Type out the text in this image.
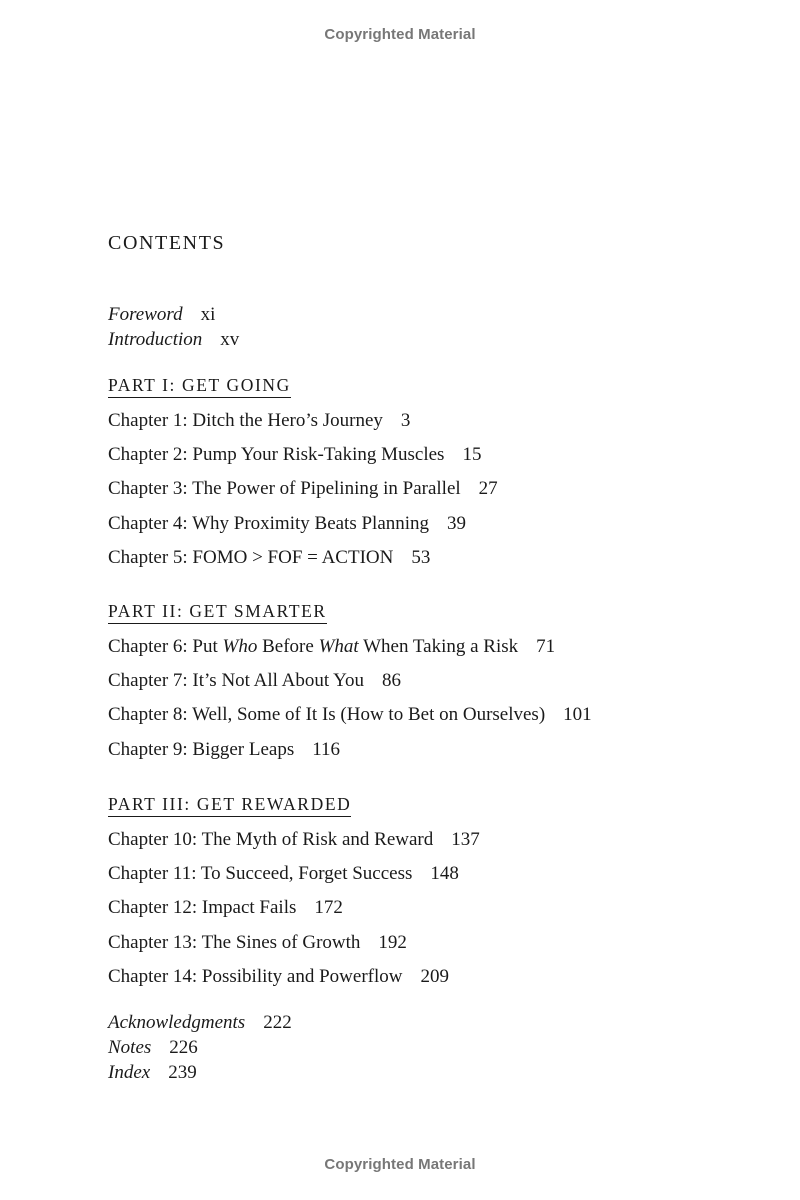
Copyrighted Material
CONTENTS
Foreword xi
Introduction xv
PART I: GET GOING
Chapter 1: Ditch the Hero’s Journey 3
Chapter 2: Pump Your Risk-Taking Muscles 15
Chapter 3: The Power of Pipelining in Parallel 27
Chapter 4: Why Proximity Beats Planning 39
Chapter 5: FOMO > FOF = ACTION 53
PART II: GET SMARTER
Chapter 6: Put Who Before What When Taking a Risk 71
Chapter 7: It’s Not All About You 86
Chapter 8: Well, Some of It Is (How to Bet on Ourselves) 101
Chapter 9: Bigger Leaps 116
PART III: GET REWARDED
Chapter 10: The Myth of Risk and Reward 137
Chapter 11: To Succeed, Forget Success 148
Chapter 12: Impact Fails 172
Chapter 13: The Sines of Growth 192
Chapter 14: Possibility and Powerflow 209
Acknowledgments 222
Notes 226
Index 239
Copyrighted Material
